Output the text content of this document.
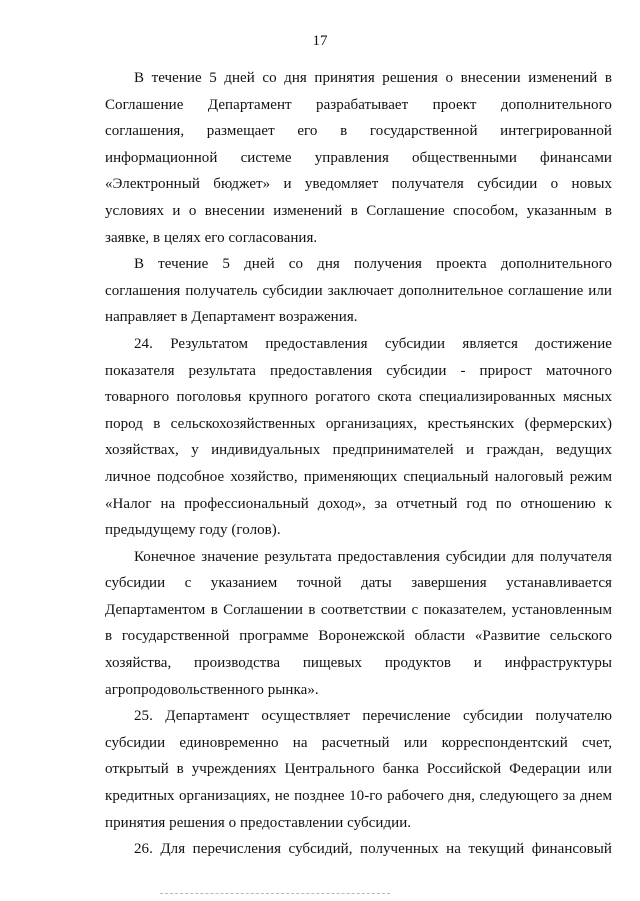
17

В течение 5 дней со дня принятия решения о внесении изменений в
Соглашение Департамент разрабатывает проект дополнительного
соглашения, размещает его в государственной интегрированной
информационной системе управления общественными финансами
«Электронный бюджет» и уведомляет получателя субсидии о новых
условиях и о внесении изменений в Соглашение способом, указанным в
заявке, в целях его согласования.

В течение 5 дней со дня получения проекта дополнительного
соглашения получатель субсидии заключает дополнительное соглашение или
направляет в Департамент возражения.

24. Результатом предоставления субсидии является достижение
показателя результата предоставления субсидии - прирост маточного
товарного поголовья крупного рогатого скота специализированных мясных
пород в сельскохозяйственных организациях, крестьянских (фермерских)
хозяйствах, у индивидуальных предпринимателей и граждан, ведущих
личное подсобное хозяйство, применяющих специальный налоговый режим
«Налог на профессиональный доход», за отчетный год по отношению к
предыдущему году (голов).

Конечное значение результата предоставления субсидии для получателя
субсидии с указанием точной даты завершения устанавливается
Департаментом в Соглашении в соответствии с показателем, установленным
в государственной программе Воронежской области «Развитие сельского
хозяйства, производства пищевых продуктов и инфраструктуры
агропродовольственного рынка».

25. Департамент осуществляет перечисление субсидии получателю
субсидии единовременно на расчетный или корреспондентский счет,
открытый в учреждениях Центрального банка Российской Федерации или
кредитных организациях, не позднее 10-го рабочего дня, следующего за днем
принятия решения о предоставлении субсидии.

26. Для перечисления субсидий, полученных на текущий финансовый
